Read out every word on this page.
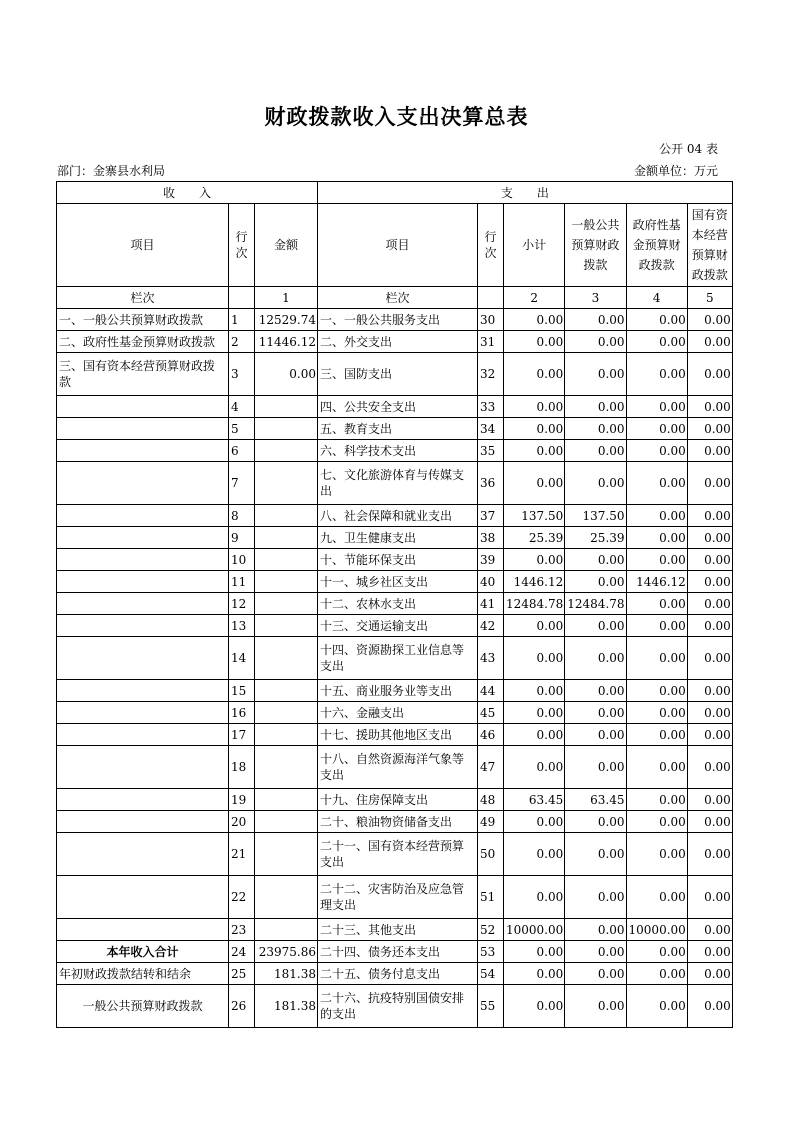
财政拨款收入支出决算总表
公开 04 表
部门：金寨县水利局	金额单位：万元
收　　入			支　　出					
项目	行次	金额	项目	行次	小计	一般公共预算财政拨款	政府性基金预算财政拨款	国有资本经营预算财政拨款
栏次		1	栏次		2	3	4	5
一、一般公共预算财政拨款	1	12529.74	一、一般公共服务支出	30	0.00	0.00	0.00	0.00
二、政府性基金预算财政拨款	2	11446.12	二、外交支出	31	0.00	0.00	0.00	0.00
三、国有资本经营预算财政拨款	3	0.00	三、国防支出	32	0.00	0.00	0.00	0.00
	4		四、公共安全支出	33	0.00	0.00	0.00	0.00
	5		五、教育支出	34	0.00	0.00	0.00	0.00
	6		六、科学技术支出	35	0.00	0.00	0.00	0.00
	7		七、文化旅游体育与传媒支出	36	0.00	0.00	0.00	0.00
	8		八、社会保障和就业支出	37	137.50	137.50	0.00	0.00
	9		九、卫生健康支出	38	25.39	25.39	0.00	0.00
	10		十、节能环保支出	39	0.00	0.00	0.00	0.00
	11		十一、城乡社区支出	40	1446.12	0.00	1446.12	0.00
	12		十二、农林水支出	41	12484.78	12484.78	0.00	0.00
	13		十三、交通运输支出	42	0.00	0.00	0.00	0.00
	14		十四、资源勘探工业信息等支出	43	0.00	0.00	0.00	0.00
	15		十五、商业服务业等支出	44	0.00	0.00	0.00	0.00
	16		十六、金融支出	45	0.00	0.00	0.00	0.00
	17		十七、援助其他地区支出	46	0.00	0.00	0.00	0.00
	18		十八、自然资源海洋气象等支出	47	0.00	0.00	0.00	0.00
	19		十九、住房保障支出	48	63.45	63.45	0.00	0.00
	20		二十、粮油物资储备支出	49	0.00	0.00	0.00	0.00
	21		二十一、国有资本经营预算支出	50	0.00	0.00	0.00	0.00
	22		二十二、灾害防治及应急管理支出	51	0.00	0.00	0.00	0.00
	23		二十三、其他支出	52	10000.00	0.00	10000.00	0.00
本年收入合计	24	23975.86	二十四、债务还本支出	53	0.00	0.00	0.00	0.00
年初财政拨款结转和结余	25	181.38	二十五、债务付息支出	54	0.00	0.00	0.00	0.00
一般公共预算财政拨款	26	181.38	二十六、抗疫特别国债安排的支出	55	0.00	0.00	0.00	0.00
